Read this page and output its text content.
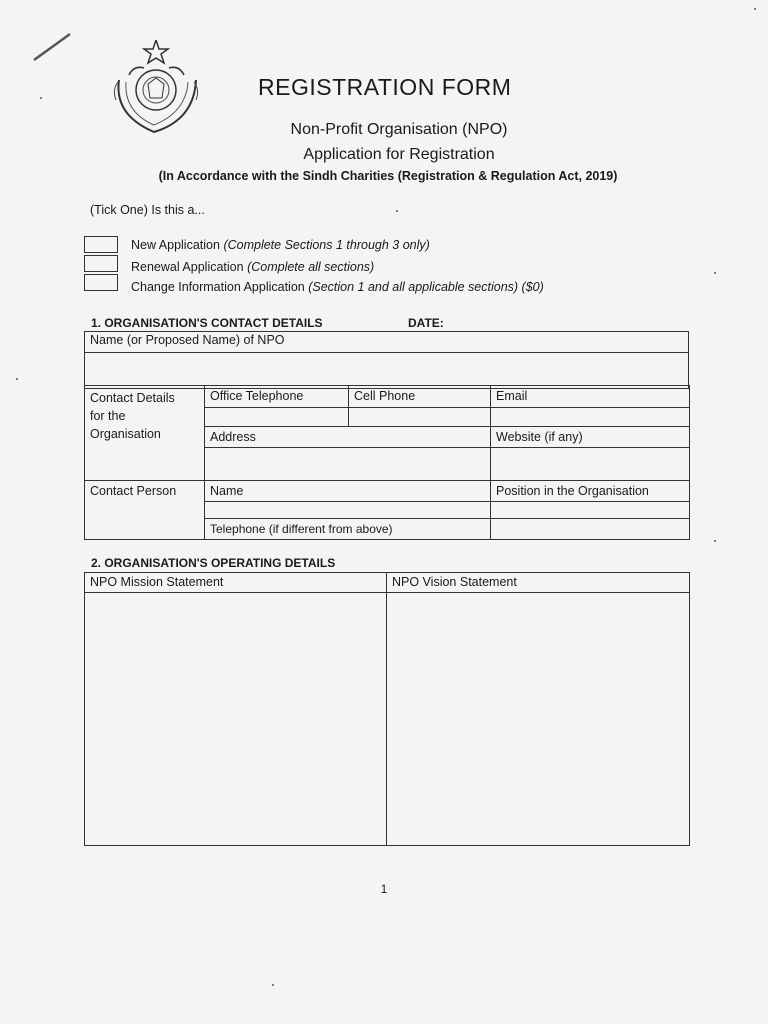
REGISTRATION FORM
Non-Profit Organisation (NPO)
Application for Registration
(In Accordance with the Sindh Charities (Registration & Regulation Act, 2019)
(Tick One) Is this a...
New Application (Complete Sections 1 through 3 only)
Renewal Application (Complete all sections)
Change Information Application (Section 1 and all applicable sections) ($0)
1. ORGANISATION'S CONTACT DETAILS	DATE:
Name (or Proposed Name) of NPO

Contact Details for the Organisation	Office Telephone	Cell Phone	Email

	Address		Website (if any)

Contact Person	Name		Position in the Organisation

	Telephone (if different from above)		
2. ORGANISATION'S OPERATING DETAILS
NPO Mission Statement	NPO Vision Statement

1
